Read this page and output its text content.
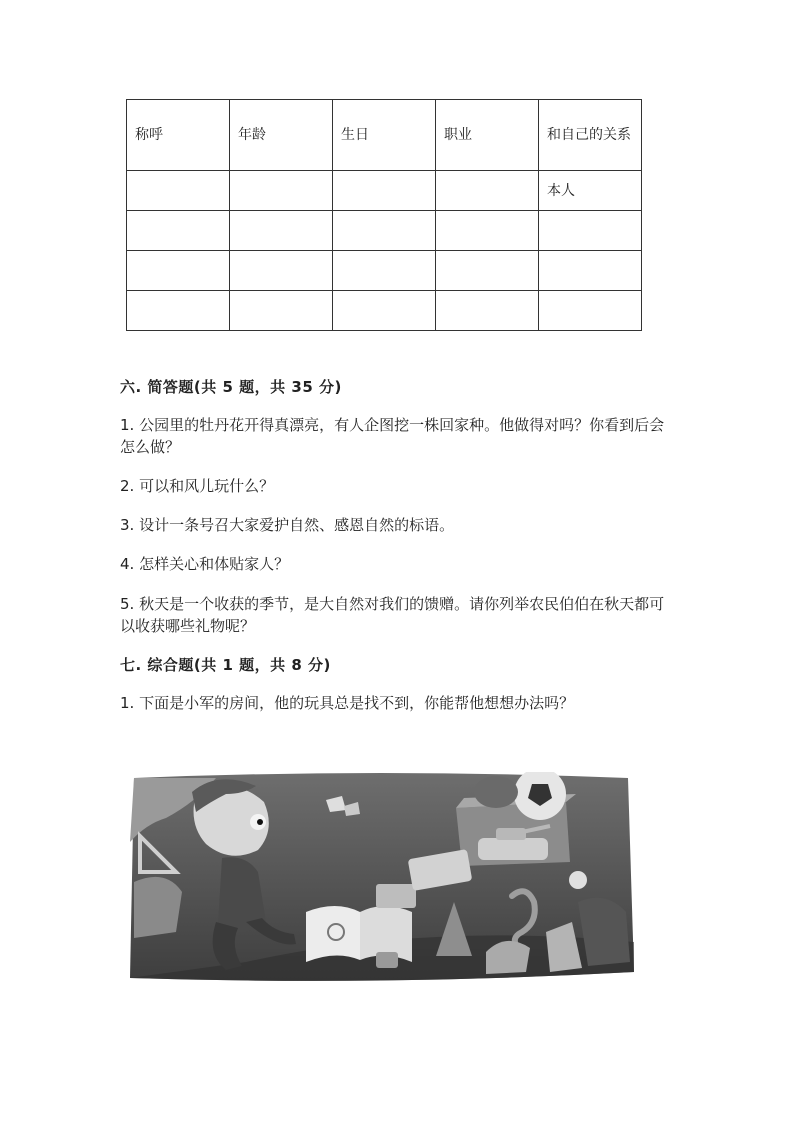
称呼	年龄	生日	职业	和自己的关系
				本人

六. 简答题(共 5 题，共 35 分)

1. 公园里的牡丹花开得真漂亮，有人企图挖一株回家种。他做得对吗？你看到后会怎么做？

2. 可以和风儿玩什么？

3. 设计一条号召大家爱护自然、感恩自然的标语。

4. 怎样关心和体贴家人？

5. 秋天是一个收获的季节，是大自然对我们的馈赠。请你列举农民伯伯在秋天都可以收获哪些礼物呢？

七. 综合题(共 1 题，共 8 分)

1. 下面是小军的房间，他的玩具总是找不到，你能帮他想想办法吗？
